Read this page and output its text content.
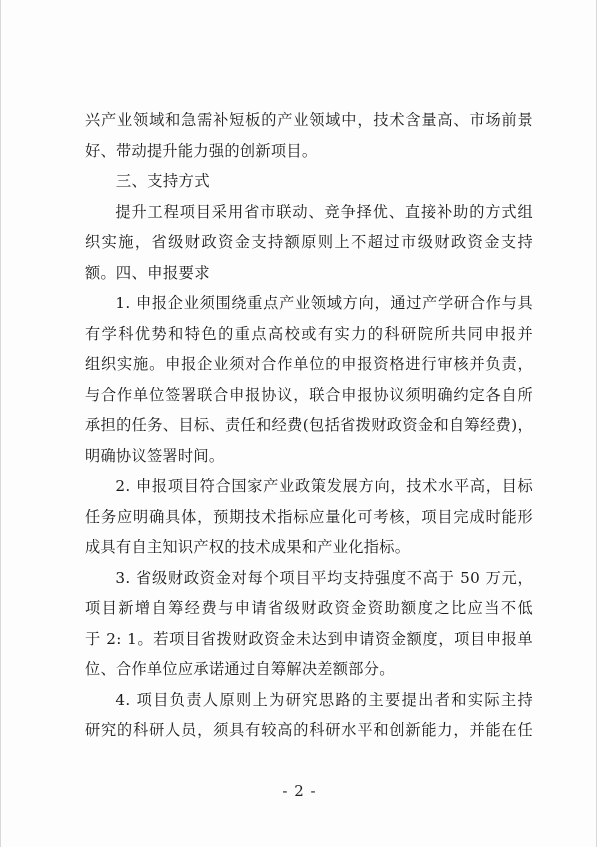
兴产业领域和急需补短板的产业领域中，技术含量高、市场前景
好、带动提升能力强的创新项目。
三、支持方式
提升工程项目采用省市联动、竞争择优、直接补助的方式组
织实施，省级财政资金支持额原则上不超过市级财政资金支持额。 四、申报要求
1. 申报企业须围绕重点产业领域方向，通过产学研合作与具
有学科优势和特色的重点高校或有实力的科研院所共同申报并
组织实施。申报企业须对合作单位的申报资格进行审核并负责，
与合作单位签署联合申报协议，联合申报协议须明确约定各自所
承担的任务、目标、责任和经费(包括省拨财政资金和自筹经费)，
明确协议签署时间。
2. 申报项目符合国家产业政策发展方向，技术水平高，目标
任务应明确具体，预期技术指标应量化可考核，项目完成时能形
成具有自主知识产权的技术成果和产业化指标。
3. 省级财政资金对每个项目平均支持强度不高于 50 万元，
项目新增自筹经费与申请省级财政资金资助额度之比应当不低
于 2: 1。若项目省拨财政资金未达到申请资金额度，项目申报单
位、合作单位应承诺通过自筹解决差额部分。
4. 项目负责人原则上为研究思路的主要提出者和实际主持
研究的科研人员，须具有较高的科研水平和创新能力，并能在任
- 2 -
